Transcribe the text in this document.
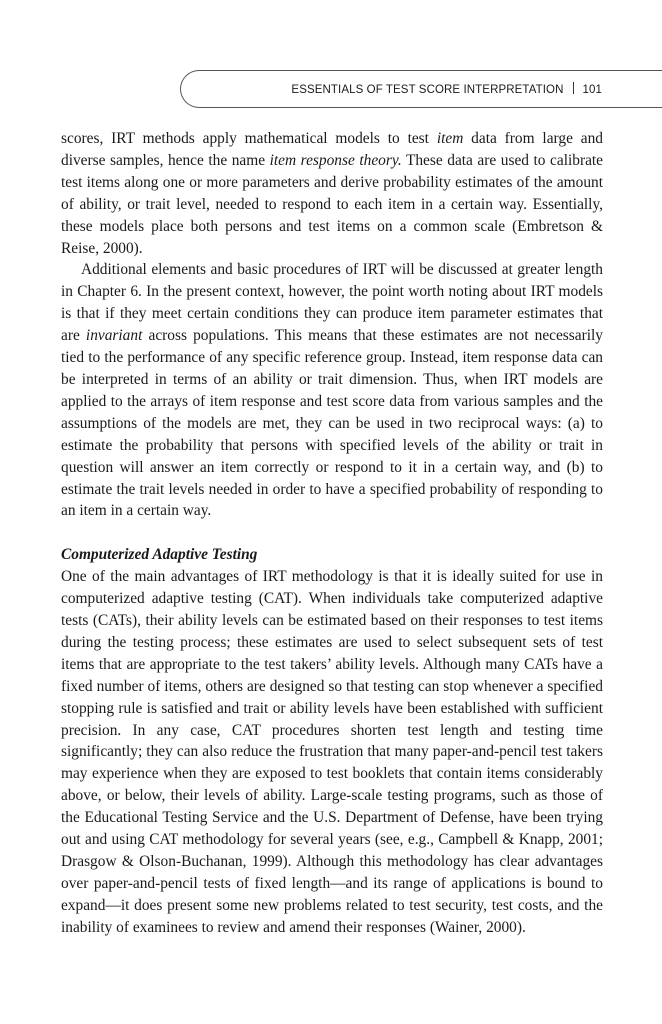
ESSENTIALS OF TEST SCORE INTERPRETATION 101

scores, IRT methods apply mathematical models to test item data from large and diverse samples, hence the name item response theory. These data are used to calibrate test items along one or more parameters and derive probability estimates of the amount of ability, or trait level, needed to respond to each item in a certain way. Essentially, these models place both persons and test items on a common scale (Embretson & Reise, 2000).

Additional elements and basic procedures of IRT will be discussed at greater length in Chapter 6. In the present context, however, the point worth noting about IRT models is that if they meet certain conditions they can produce item parameter estimates that are invariant across populations. This means that these estimates are not necessarily tied to the performance of any specific reference group. Instead, item response data can be interpreted in terms of an ability or trait dimension. Thus, when IRT models are applied to the arrays of item response and test score data from various samples and the assumptions of the models are met, they can be used in two reciprocal ways: (a) to estimate the probability that persons with specified levels of the ability or trait in question will answer an item correctly or respond to it in a certain way, and (b) to estimate the trait levels needed in order to have a specified probability of responding to an item in a certain way.

Computerized Adaptive Testing

One of the main advantages of IRT methodology is that it is ideally suited for use in computerized adaptive testing (CAT). When individuals take computerized adaptive tests (CATs), their ability levels can be estimated based on their responses to test items during the testing process; these estimates are used to select subsequent sets of test items that are appropriate to the test takers’ ability levels. Although many CATs have a fixed number of items, others are designed so that testing can stop whenever a specified stopping rule is satisfied and trait or ability levels have been established with sufficient precision. In any case, CAT procedures shorten test length and testing time significantly; they can also reduce the frustration that many paper-and-pencil test takers may experience when they are exposed to test booklets that contain items considerably above, or below, their levels of ability. Large-scale testing programs, such as those of the Educational Testing Service and the U.S. Department of Defense, have been trying out and using CAT methodology for several years (see, e.g., Campbell & Knapp, 2001; Drasgow & Olson-Buchanan, 1999). Although this methodology has clear advantages over paper-and-pencil tests of fixed length—and its range of applications is bound to expand—it does present some new problems related to test security, test costs, and the inability of examinees to review and amend their responses (Wainer, 2000).
